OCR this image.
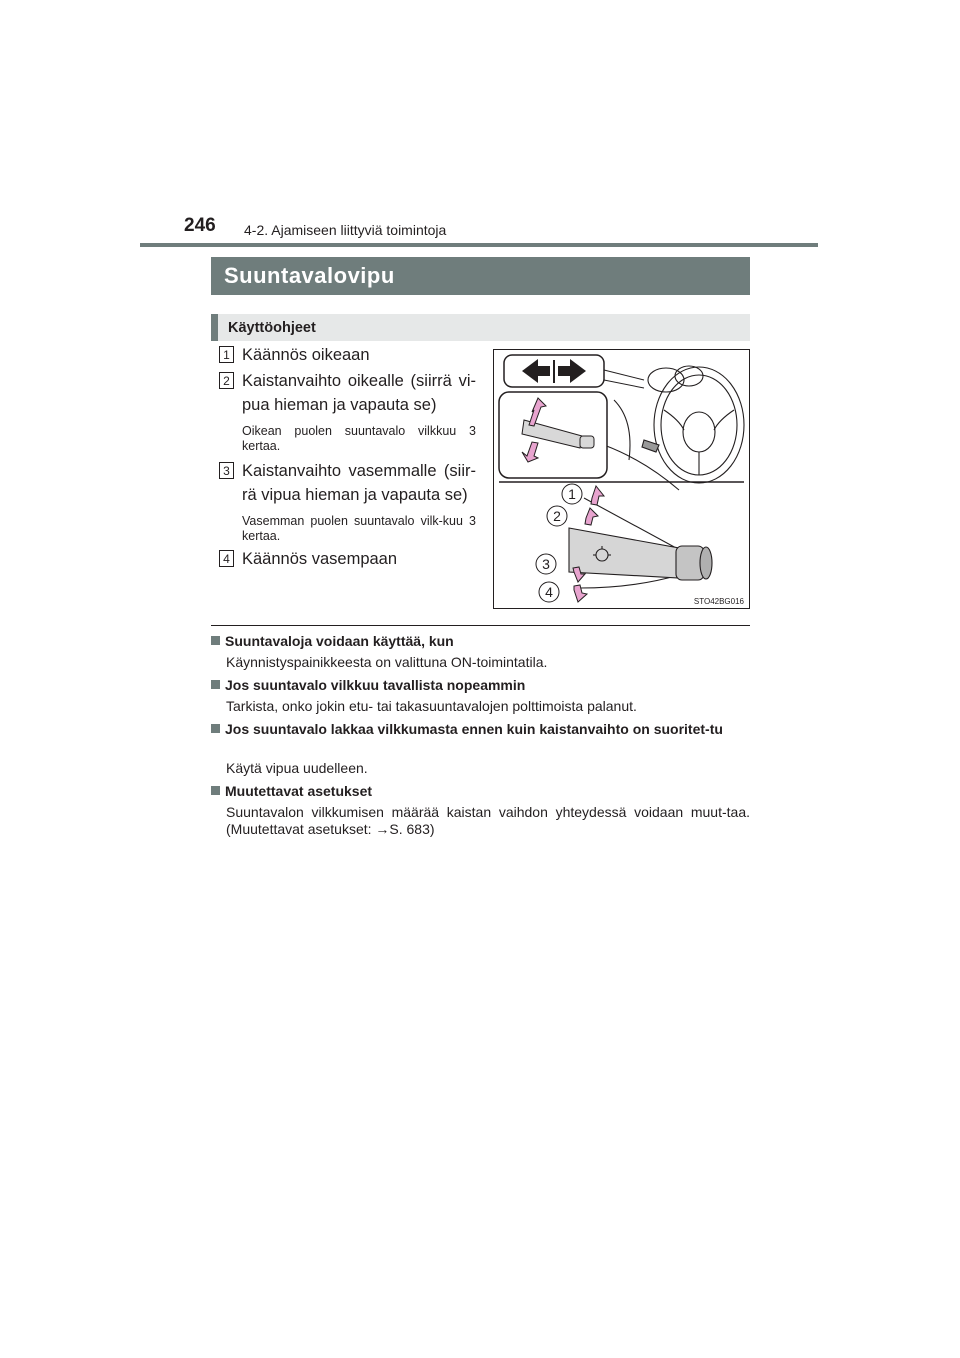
246 4-2. Ajamiseen liittyviä toimintoja
Suuntavalovipu
Käyttöohjeet
1 Käännös oikeaan
2 Kaistanvaihto oikealle (siirrä vi-pua hieman ja vapauta se)
Oikean puolen suuntavalo vilkkuu 3 kertaa.
3 Kaistanvaihto vasemmalle (siir-rä vipua hieman ja vapauta se)
Vasemman puolen suuntavalo vilk-kuu 3 kertaa.
4 Käännös vasempaan
1
2
3
4
STO42BG016
Suuntavaloja voidaan käyttää, kun
Käynnistyspainikkeesta on valittuna ON-toimintatila.
Jos suuntavalo vilkkuu tavallista nopeammin
Tarkista, onko jokin etu- tai takasuuntavalojen polttimoista palanut.
Jos suuntavalo lakkaa vilkkumasta ennen kuin kaistanvaihto on suoritet-tu
Käytä vipua uudelleen.
Muutettavat asetukset
Suuntavalon vilkkumisen määrää kaistan vaihdon yhteydessä voidaan muut-taa. (Muutettavat asetukset: →S. 683)
